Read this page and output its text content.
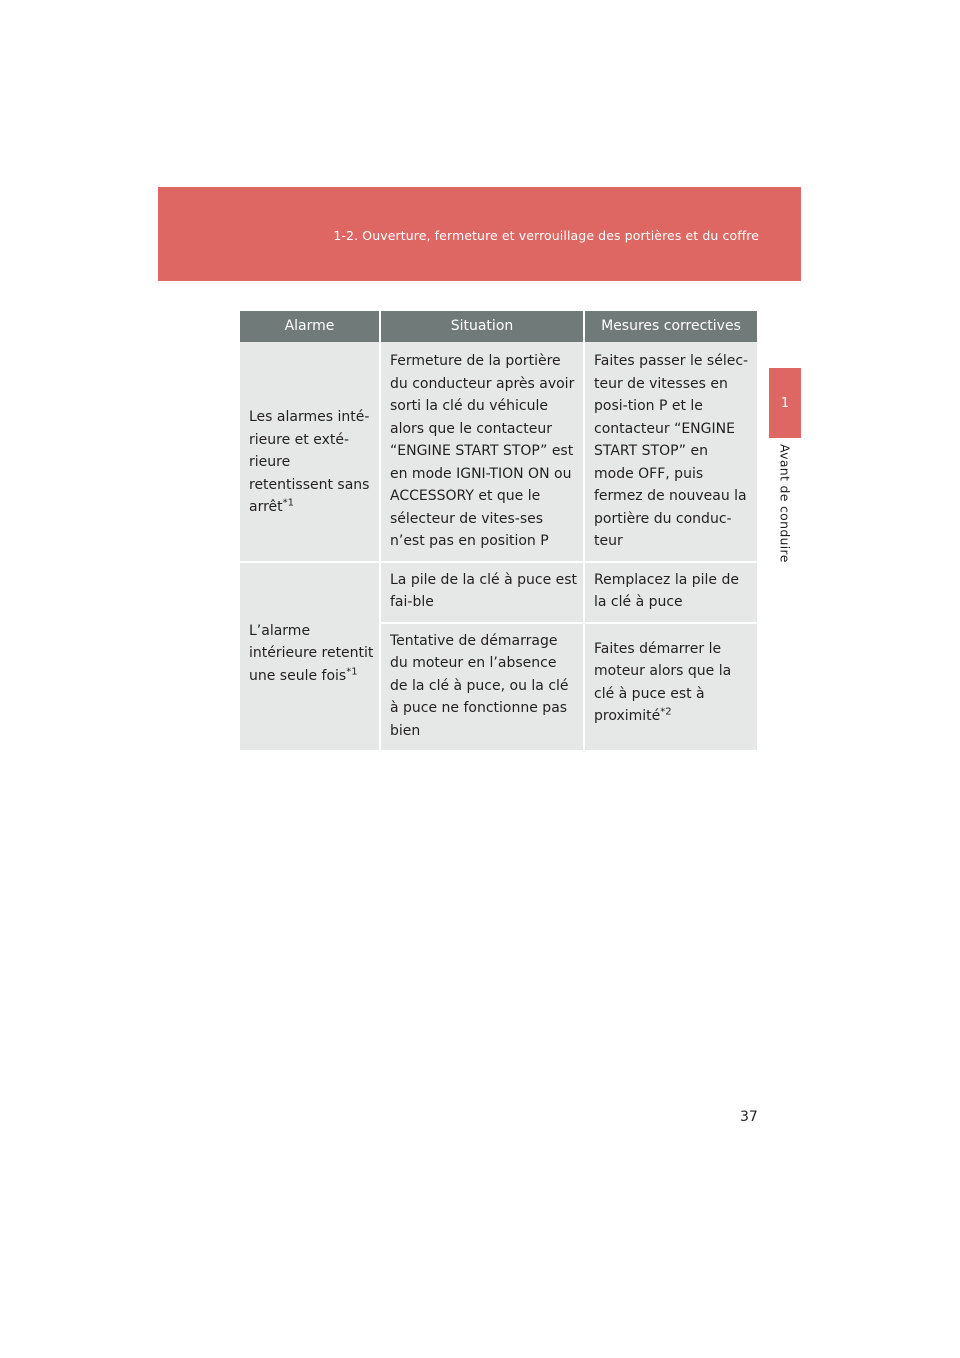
1-2. Ouverture, fermeture et verrouillage des portières et du coffre
1
Avant de conduire
Alarme	Situation	Mesures correctives
Les alarmes inté-rieure et exté-rieure retentissent sans arrêt$^{*1}$	Fermeture de la portière du conducteur après avoir sorti la clé du véhicule alors que le contacteur “ENGINE START STOP” est en mode IGNI-TION ON ou ACCESSORY et que le sélecteur de vites-ses n’est pas en position P	Faites passer le sélec-teur de vitesses en posi-tion P et le contacteur “ENGINE START STOP” en mode OFF, puis fermez de nouveau la portière du conduc-teur
L’alarme intérieure retentit une seule fois$^{*1}$	La pile de la clé à puce est fai-ble	Remplacez la pile de la clé à puce
	Tentative de démarrage du moteur en l’absence de la clé à puce, ou la clé à puce ne fonctionne pas bien	Faites démarrer le moteur alors que la clé à puce est à proximité$^{*2}$
37
